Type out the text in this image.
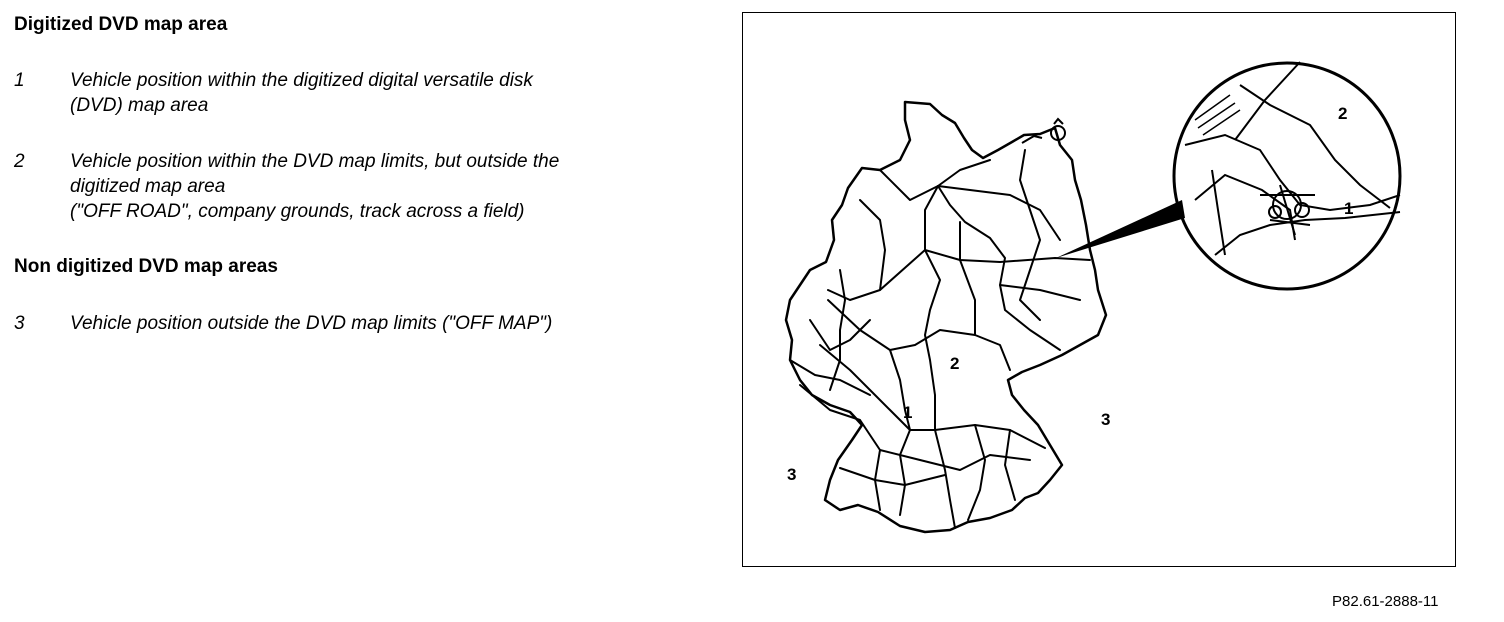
Digitized DVD map area
1	Vehicle position within the digitized digital versatile disk
(DVD) map area
2	Vehicle position within the DVD map limits, but outside the
digitized map area
("OFF ROAD", company grounds, track across a field)
Non digitized DVD map areas
3	Vehicle position outside the DVD map limits ("OFF MAP")
2
1	3
3
2
1
P82.61-2888-11
